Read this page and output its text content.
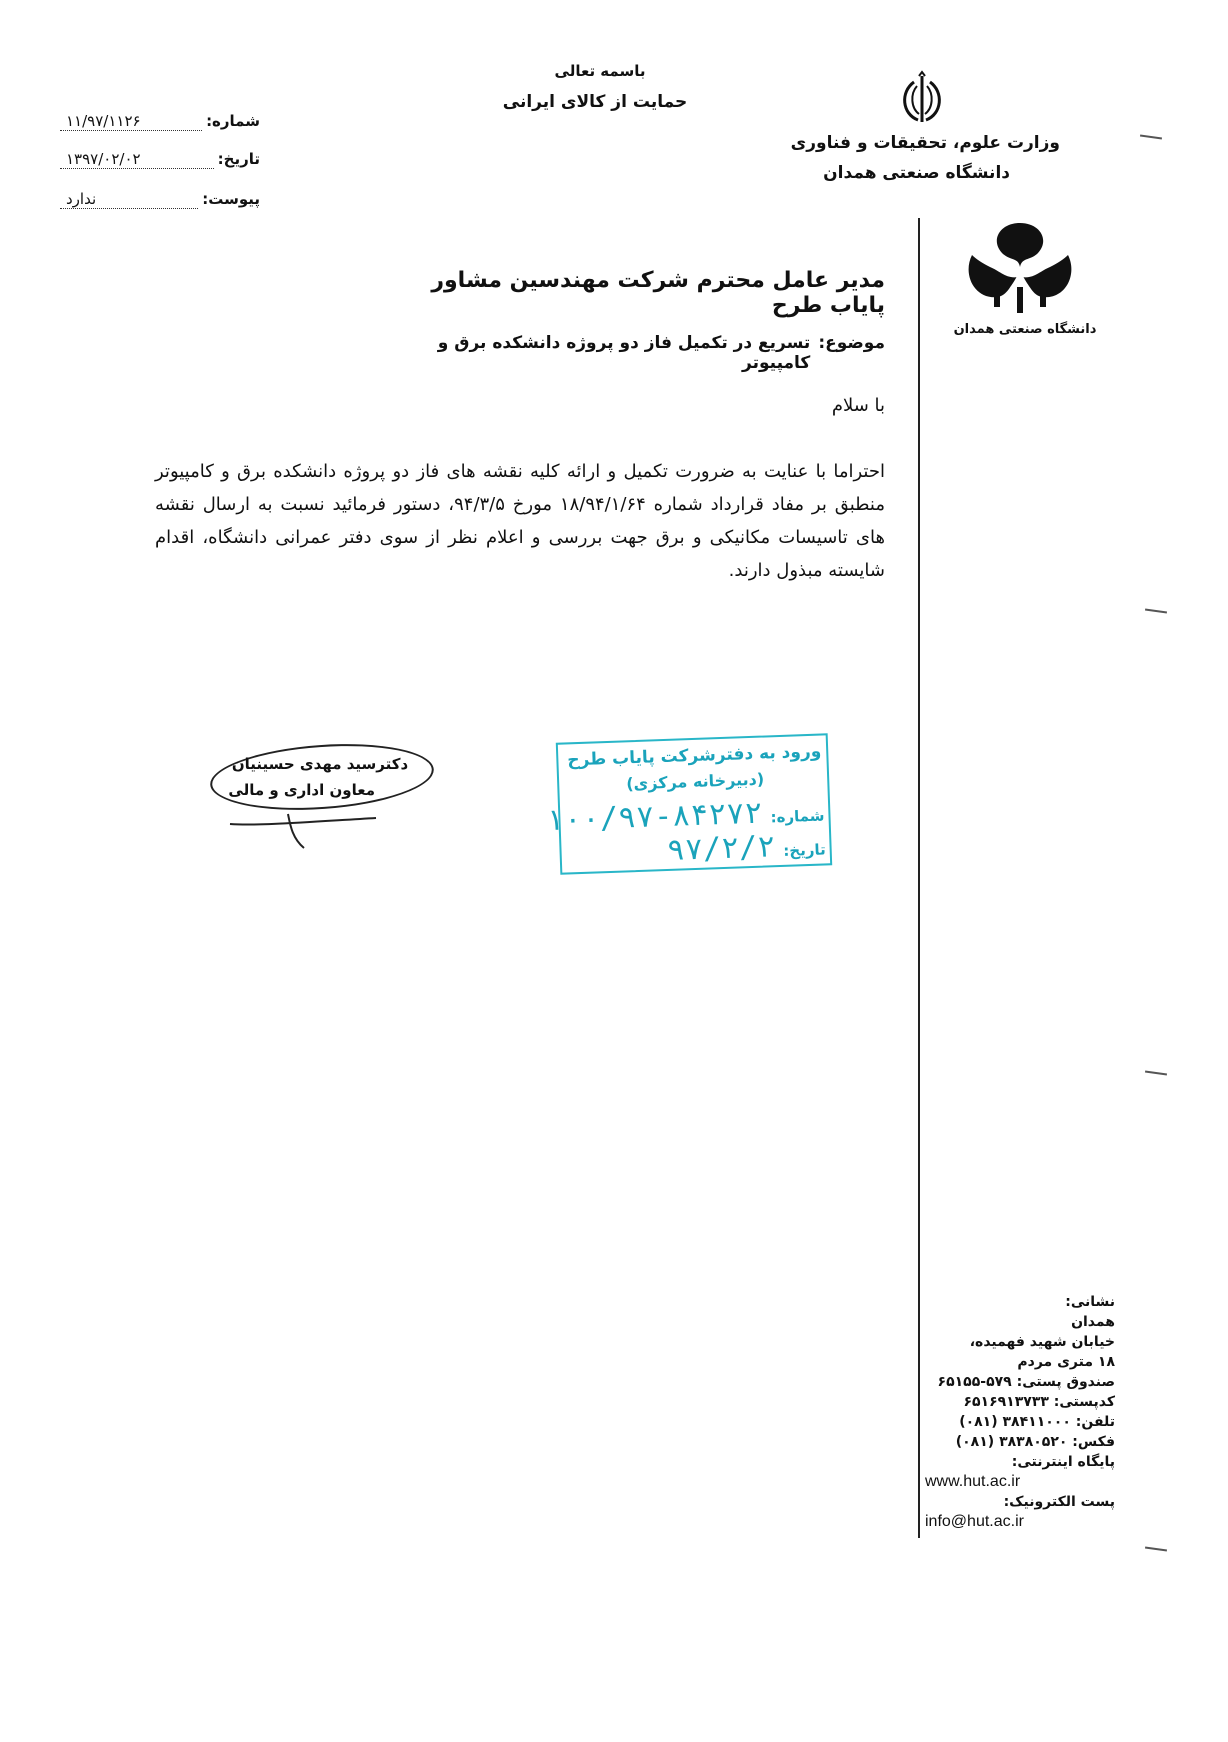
باسمه تعالی
حمایت از کالای ایرانی
وزارت علوم، تحقیقات و فناوری
دانشگاه صنعتی همدان
شماره:
۱۱/۹۷/۱۱۲۶
تاریخ:
۱۳۹۷/۰۲/۰۲
پیوست:
ندارد
دانشگاه صنعتی همدان
مدیر عامل محترم شرکت مهندسین مشاور پایاب طرح
موضوع:
تسریع در تکمیل فاز دو پروژه دانشکده برق و کامپیوتر
با سلام
احتراما با عنایت به ضرورت تکمیل و ارائه کلیه نقشه های فاز دو پروژه دانشکده برق و کامپیوتر منطبق بر مفاد قرارداد شماره ۱۸/۹۴/۱/۶۴ مورخ ۹۴/۳/۵، دستور فرمائید نسبت به ارسال نقشه های تاسیسات مکانیکی و برق جهت بررسی و اعلام نظر از سوی دفتر عمرانی دانشگاه، اقدام شایسته مبذول دارند.
دکترسید مهدی حسینیان
معاون اداری و مالی
ورود به دفترشرکت پایاب طرح
(دبیرخانه مرکزی)
شماره:
۱۰۰/۹۷-۸۴۲۷۲
تاریخ:
۹۷/۲/۲
نشانی:
همدان
خیابان شهید فهمیده،
۱۸ متری مردم
صندوق پستی: ۵۷۹-۶۵۱۵۵
کدپستی: ۶۵۱۶۹۱۳۷۳۳
تلفن: ۳۸۴۱۱۰۰۰ (۰۸۱)
فکس: ۳۸۳۸۰۵۲۰ (۰۸۱)
پایگاه اینترنتی:
www.hut.ac.ir
پست الکترونیک:
info@hut.ac.ir
